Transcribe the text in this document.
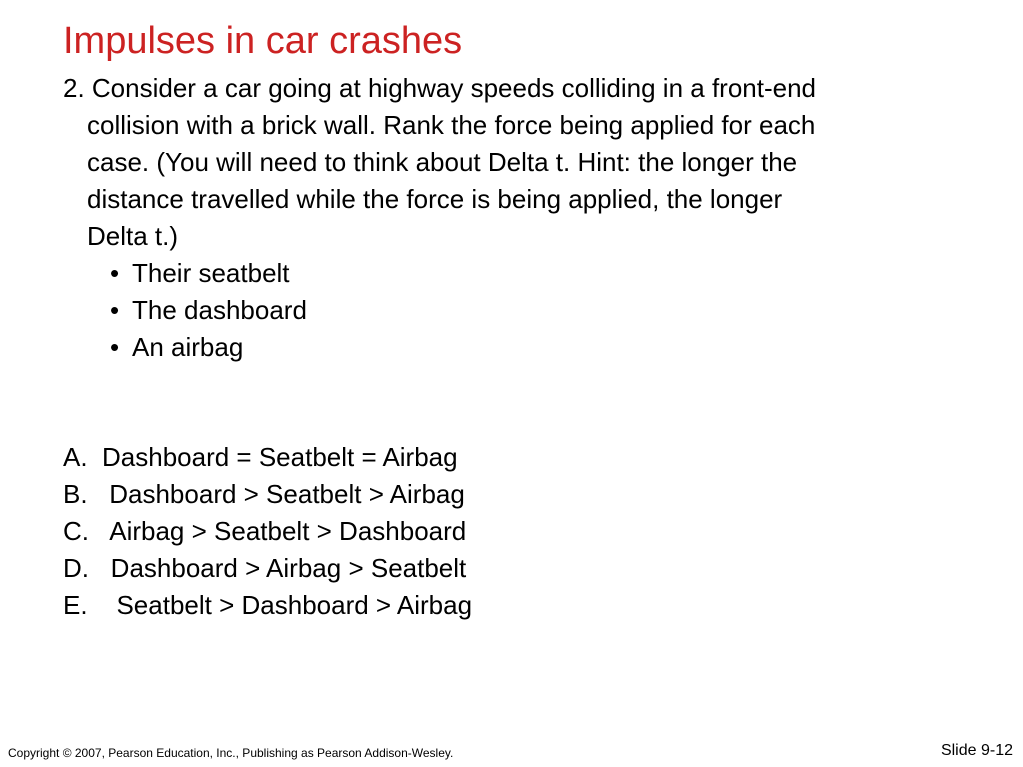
Impulses in car crashes
2. Consider a car going at highway speeds colliding in a front-end
collision with a brick wall. Rank the force being applied for each
case. (You will need to think about Delta t. Hint: the longer the
distance travelled while the force is being applied, the longer
Delta t.)
• Their seatbelt
• The dashboard
• An airbag
A.  Dashboard = Seatbelt = Airbag
B.   Dashboard > Seatbelt > Airbag
C.   Airbag > Seatbelt > Dashboard
D.   Dashboard > Airbag > Seatbelt
E.    Seatbelt > Dashboard > Airbag
Copyright © 2007, Pearson Education, Inc., Publishing as Pearson Addison-Wesley.	Slide 9-12
